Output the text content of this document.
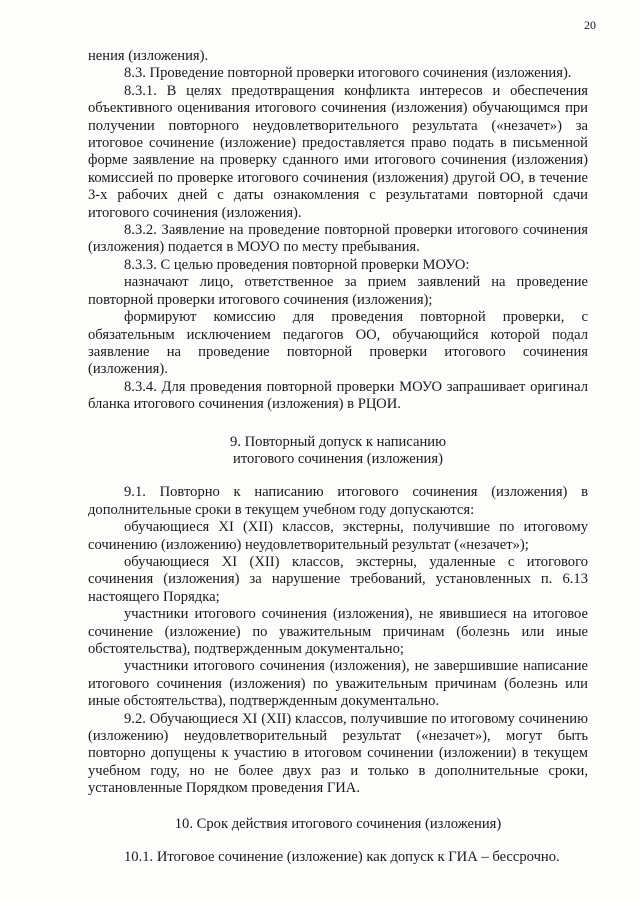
20

нения (изложения).

8.3. Проведение повторной проверки итогового сочинения (изложения).

8.3.1. В целях предотвращения конфликта интересов и обеспечения объективного оценивания итогового сочинения (изложения) обучающимся при получении повторного неудовлетворительного результата («незачет») за итоговое сочинение (изложение) предоставляется право подать в письменной форме заявление на проверку сданного ими итогового сочинения (изложения) комиссией по проверке итогового сочинения (изложения) другой ОО, в течение 3-х рабочих дней с даты ознакомления с результатами повторной сдачи итогового сочинения (изложения).

8.3.2. Заявление на проведение повторной проверки итогового сочинения (изложения) подается в МОУО по месту пребывания.

8.3.3. С целью проведения повторной проверки МОУО:

назначают лицо, ответственное за прием заявлений на проведение повторной проверки итогового сочинения (изложения);

формируют комиссию для проведения повторной проверки, с обязательным исключением педагогов ОО, обучающийся которой подал заявление на проведение повторной проверки итогового сочинения (изложения).

8.3.4. Для проведения повторной проверки МОУО запрашивает оригинал бланка итогового сочинения (изложения) в РЦОИ.

9. Повторный допуск к написанию
итогового сочинения (изложения)

9.1. Повторно к написанию итогового сочинения (изложения) в дополнительные сроки в текущем учебном году допускаются:

обучающиеся XI (XII) классов, экстерны, получившие по итоговому сочинению (изложению) неудовлетворительный результат («незачет»);

обучающиеся XI (XII) классов, экстерны, удаленные с итогового сочинения (изложения) за нарушение требований, установленных п. 6.13 настоящего Порядка;

участники итогового сочинения (изложения), не явившиеся на итоговое сочинение (изложение) по уважительным причинам (болезнь или иные обстоятельства), подтвержденным документально;

участники итогового сочинения (изложения), не завершившие написание итогового сочинения (изложения) по уважительным причинам (болезнь или иные обстоятельства), подтвержденным документально.

9.2. Обучающиеся XI (XII) классов, получившие по итоговому сочинению (изложению) неудовлетворительный результат («незачет»), могут быть повторно допущены к участию в итоговом сочинении (изложении) в текущем учебном году, но не более двух раз и только в дополнительные сроки, установленные Порядком проведения ГИА.

10. Срок действия итогового сочинения (изложения)

10.1. Итоговое сочинение (изложение) как допуск к ГИА – бессрочно.
